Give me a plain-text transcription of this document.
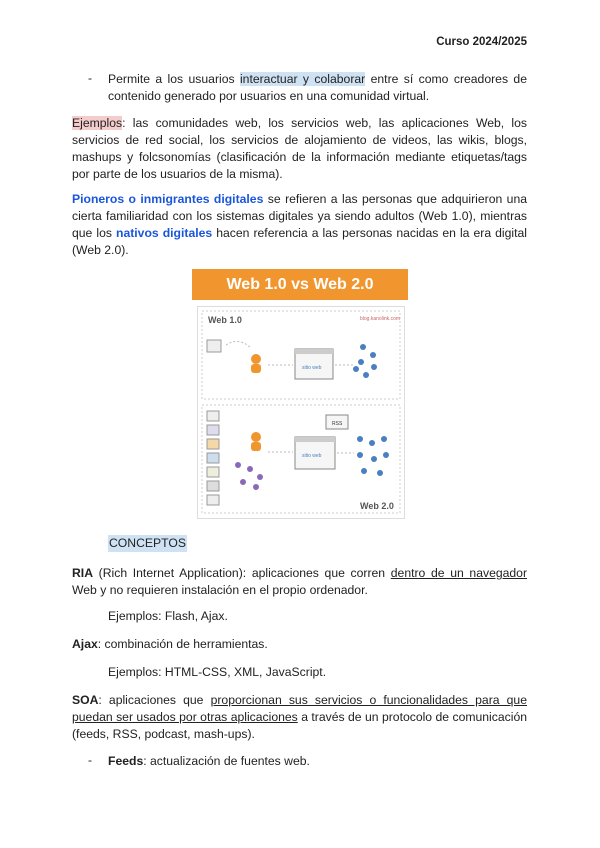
Curso 2024/2025
- Permite a los usuarios interactuar y colaborar entre sí como creadores de contenido generado por usuarios en una comunidad virtual.
Ejemplos: las comunidades web, los servicios web, las aplicaciones Web, los servicios de red social, los servicios de alojamiento de videos, las wikis, blogs, mashups y folcsonomías (clasificación de la información mediante etiquetas/tags por parte de los usuarios de la misma).
Pioneros o inmigrantes digitales se refieren a las personas que adquirieron una cierta familiaridad con los sistemas digitales ya siendo adultos (Web 1.0), mientras que los nativos digitales hacen referencia a las personas nacidas en la era digital (Web 2.0).
Web 1.0 vs Web 2.0
Web 1.0	blog.kanolink.com
sitio web
Web 2.0
sitio web
RSS
CONCEPTOS
RIA (Rich Internet Application): aplicaciones que corren dentro de un navegador Web y no requieren instalación en el propio ordenador.
Ejemplos: Flash, Ajax.
Ajax: combinación de herramientas.
Ejemplos: HTML-CSS, XML, JavaScript.
SOA: aplicaciones que proporcionan sus servicios o funcionalidades para que puedan ser usados por otras aplicaciones a través de un protocolo de comunicación (feeds, RSS, podcast, mash-ups).
- Feeds: actualización de fuentes web.
